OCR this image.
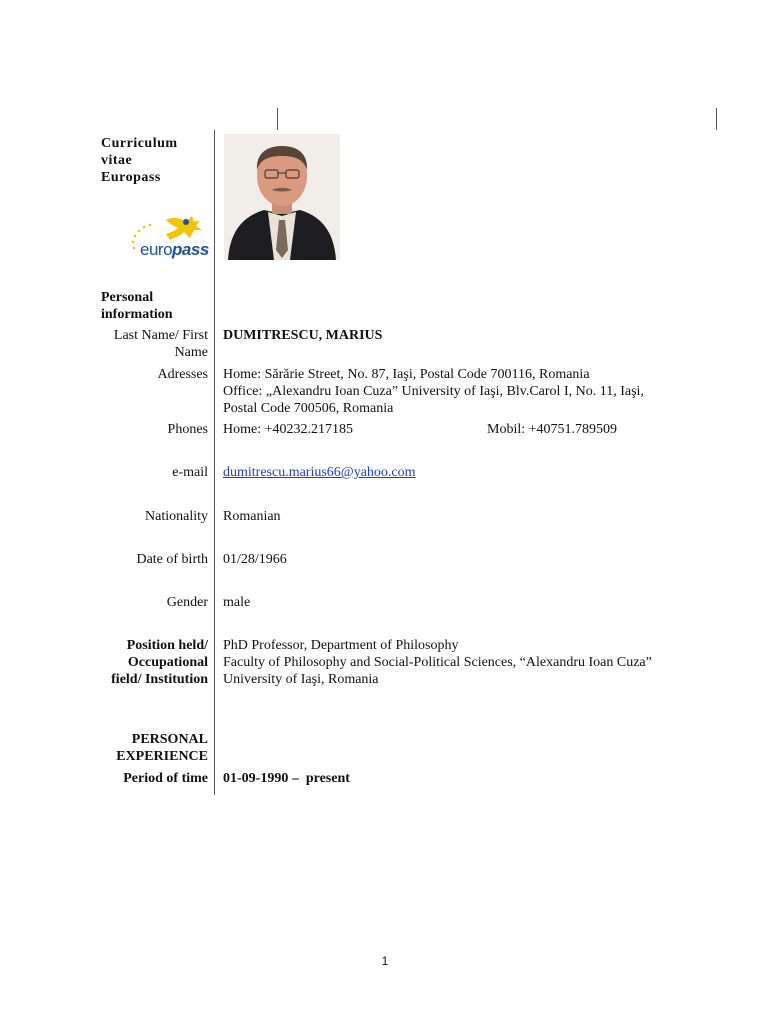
Curriculum
vitae
Europass
europass
Personal
information
Last Name/ First
Name
DUMITRESCU, MARIUS
Adresses Home: Sărărie Street, No. 87, Iaşi, Postal Code 700116, Romania
Office: „Alexandru Ioan Cuza” University of Iaşi, Blv.Carol I, No. 11, Iaşi,
Postal Code 700506, Romania
Phones Home: +40232.217185	Mobil: +40751.789509
e-mail dumitrescu.marius66@yahoo.com
Nationality Romanian
Date of birth 01/28/1966
Gender male
Position held/
Occupational
field/ Institution
PhD Professor, Department of Philosophy
Faculty of Philosophy and Social-Political Sciences, “Alexandru Ioan Cuza”
University of Iaşi, Romania
PERSONAL
EXPERIENCE
Period of time 01-09-1990 –  present
1
